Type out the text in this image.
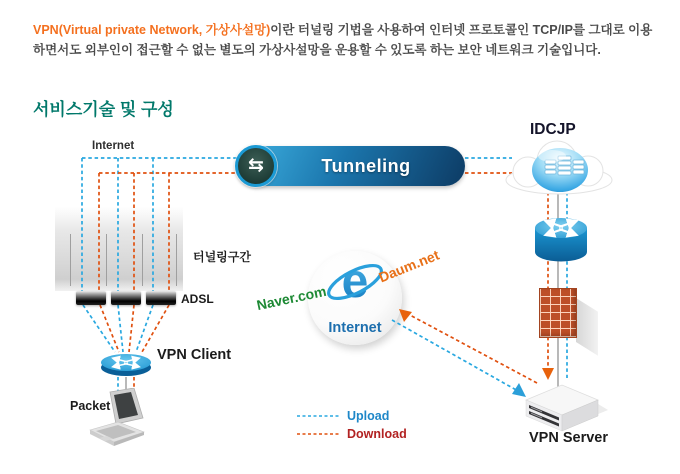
VPN(Virtual private Network, 가상사설망)이란 터널링 기법을 사용하여 인터넷 프로토콜인 TCP/IP를 그대로 이용하면서도 외부인이 접근할 수 없는 별도의 가상사설망을 운용할 수 있도록 하는 보안 네트워크 기술입니다.

서비스기술 및 구성
e
Internet
Tunneling
⇆
Internet
터널링구간
ADSL
VPN Client
Packet
IDCJP
VPN Server
Naver.com
Daum.net
Upload
Download
